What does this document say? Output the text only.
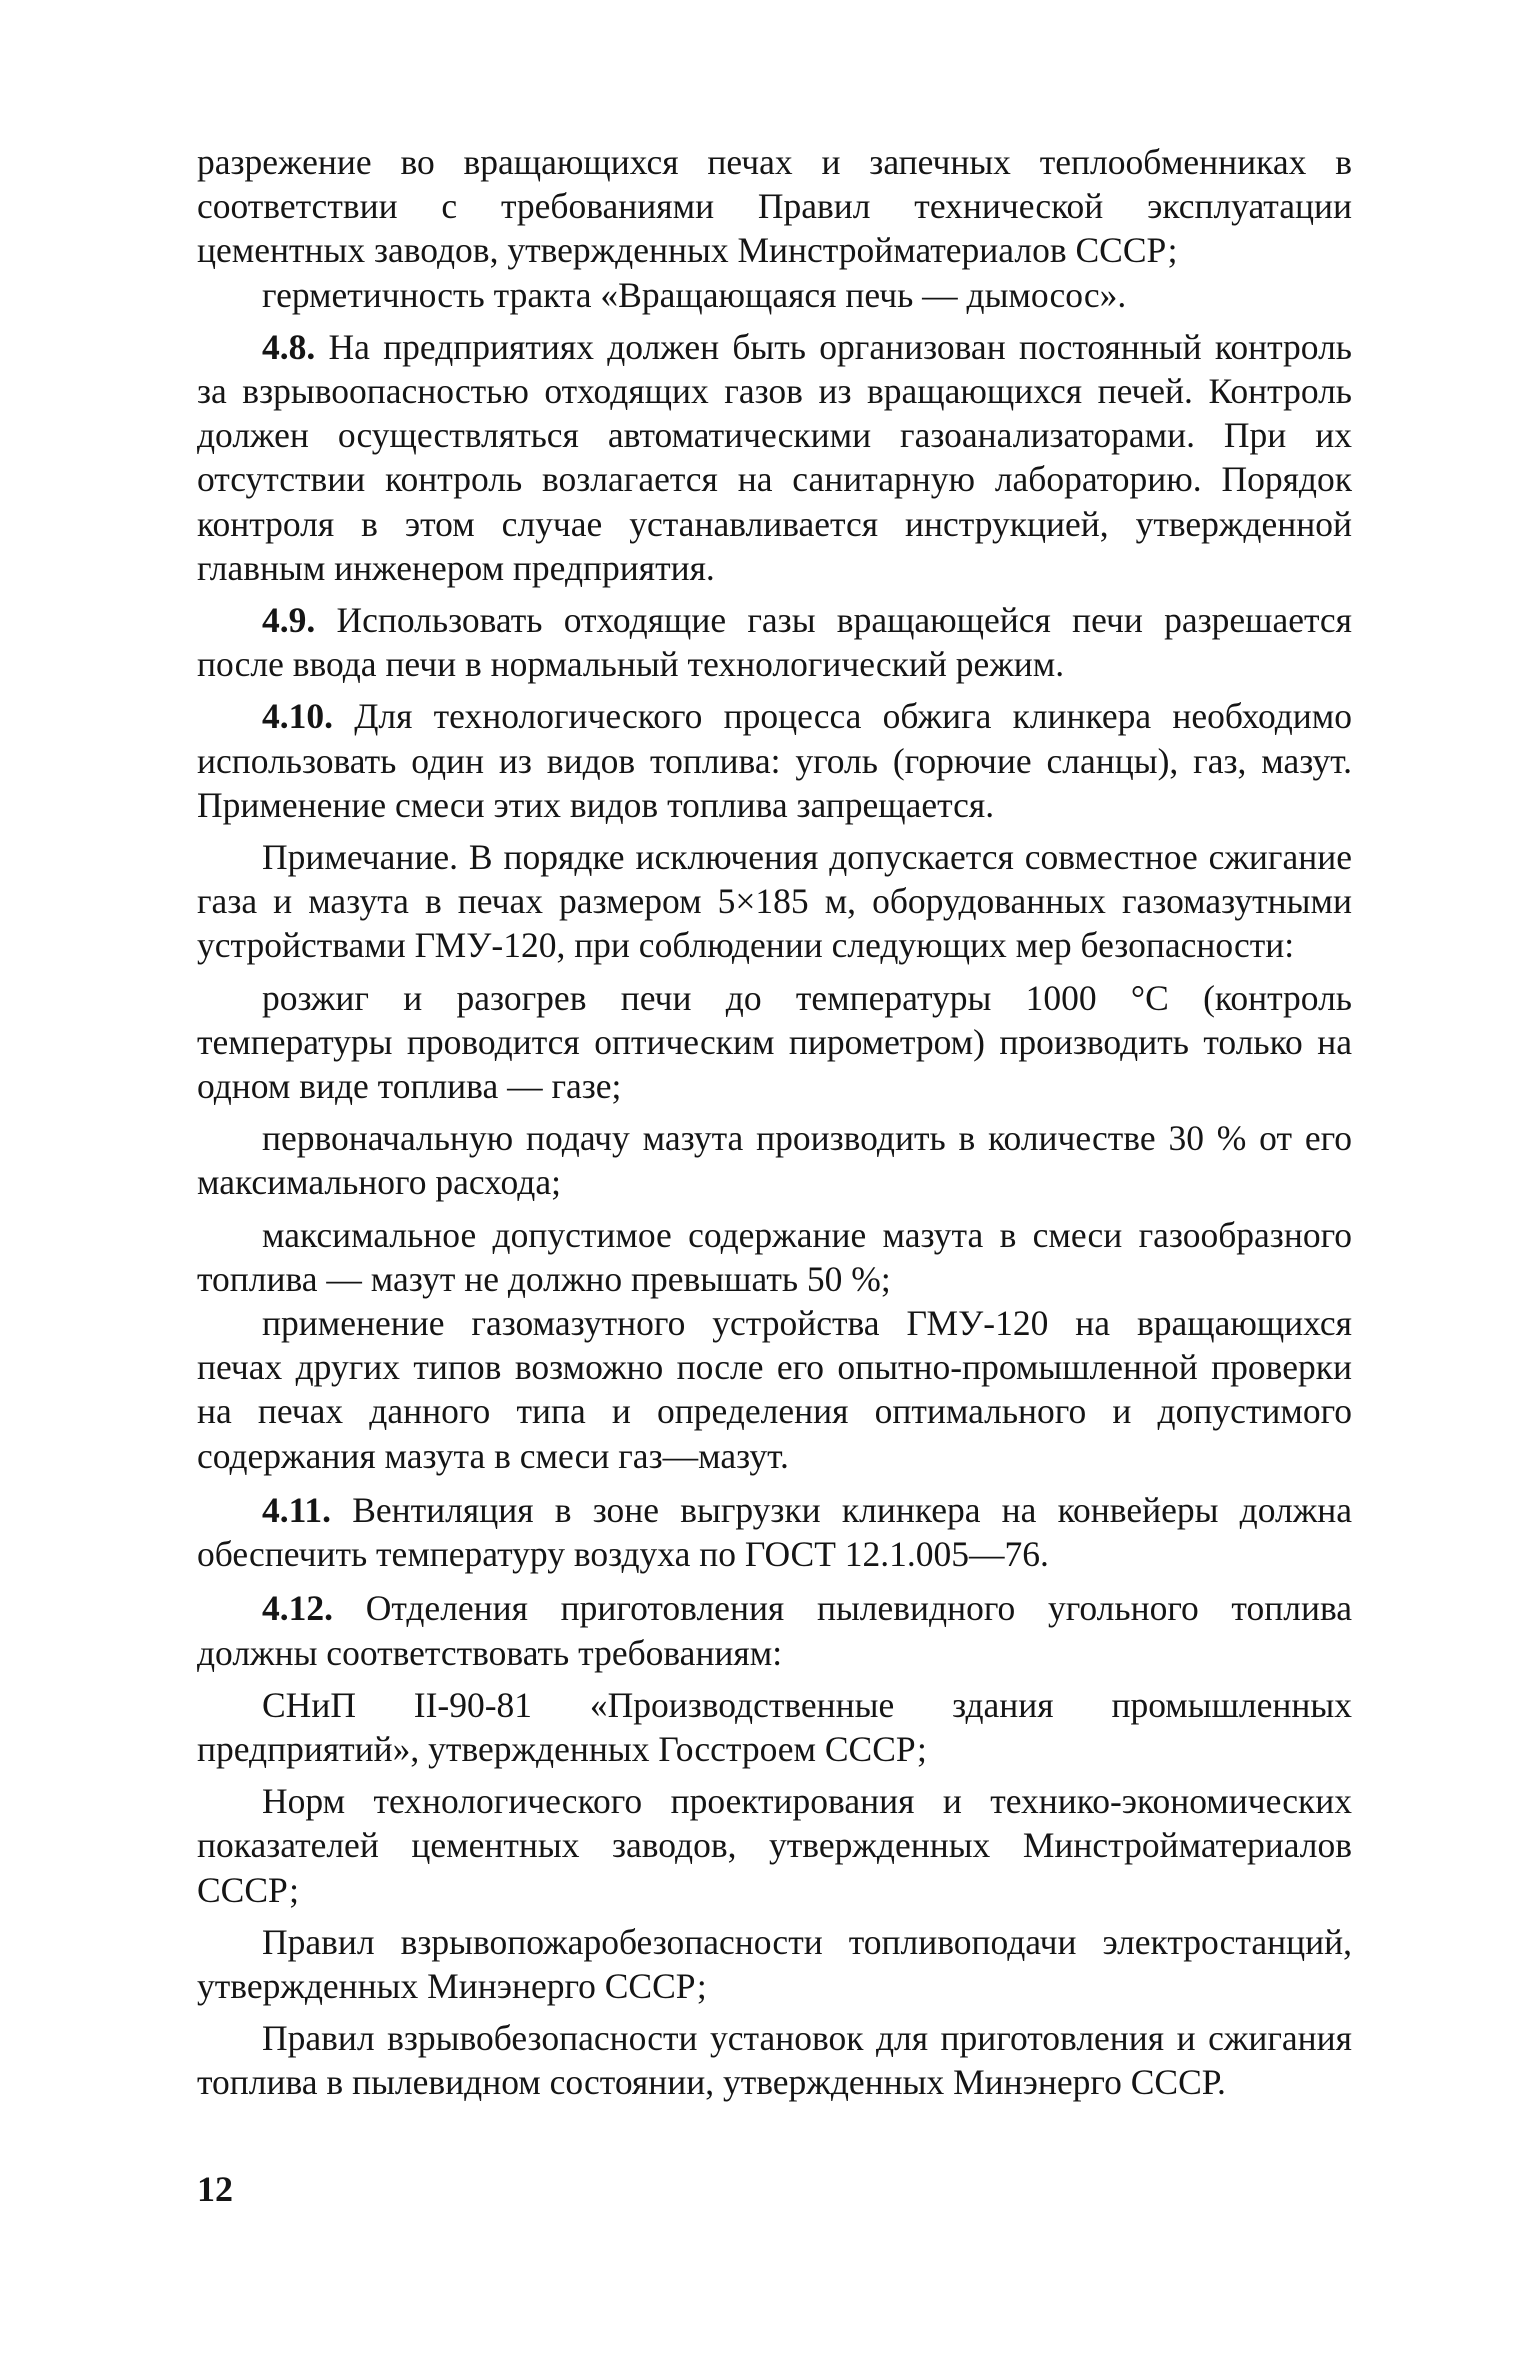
разрежение во вращающихся печах и запечных теплообменниках в соответствии с требованиями Правил технической эксплуатации цементных заводов, утвержденных Минстройматериалов СССР;

герметичность тракта «Вращающаяся печь — дымосос».

4.8. На предприятиях должен быть организован постоянный контроль за взрывоопасностью отходящих газов из вращающихся печей. Контроль должен осуществляться автоматическими газоанализаторами. При их отсутствии контроль возлагается на санитарную лабораторию. Порядок контроля в этом случае устанавливается инструкцией, утвержденной главным инженером предприятия.

4.9. Использовать отходящие газы вращающейся печи разрешается после ввода печи в нормальный технологический режим.

4.10. Для технологического процесса обжига клинкера необходимо использовать один из видов топлива: уголь (горючие сланцы), газ, мазут. Применение смеси этих видов топлива запрещается.

Примечание. В порядке исключения допускается совместное сжигание газа и мазута в печах размером 5×185 м, оборудованных газомазутными устройствами ГМУ-120, при соблюдении следующих мер безопасности:

розжиг и разогрев печи до температуры 1000 °С (контроль температуры проводится оптическим пирометром) производить только на одном виде топлива — газе;

первоначальную подачу мазута производить в количестве 30 % от его максимального расхода;

максимальное допустимое содержание мазута в смеси газообразного топлива — мазут не должно превышать 50 %;

применение газомазутного устройства ГМУ-120 на вращающихся печах других типов возможно после его опытно-промышленной проверки на печах данного типа и определения оптимального и допустимого содержания мазута в смеси газ—мазут.

4.11. Вентиляция в зоне выгрузки клинкера на конвейеры должна обеспечить температуру воздуха по ГОСТ 12.1.005—76.

4.12. Отделения приготовления пылевидного угольного топлива должны соответствовать требованиям:

СНиП II-90-81 «Производственные здания промышленных предприятий», утвержденных Госстроем СССР;

Норм технологического проектирования и технико-экономических показателей цементных заводов, утвержденных Минстройматериалов СССР;

Правил взрывопожаробезопасности топливоподачи электростанций, утвержденных Минэнерго СССР;

Правил взрывобезопасности установок для приготовления и сжигания топлива в пылевидном состоянии, утвержденных Минэнерго СССР.

12
